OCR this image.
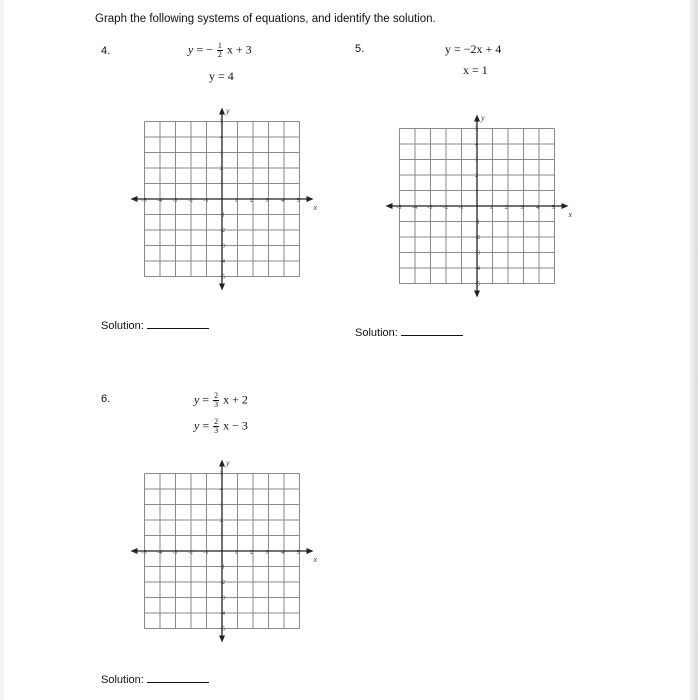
Graph the following systems of equations, and identify the solution.
4.	y = − $\frac{1}{2}$ x + 3
y = 4
5.	y = −2x + 4
x = 1
6.	$y = \frac{2}{3}$ x + 2
$y = \frac{2}{3}$ x − 3
x
y
-5 -4 -3 -2 -1	1 2 3 4 5
5
4
3
2
1
-1
-2
-3
-4
-5
x
y
-5 -4 -3 -2 -1	1 2 3 4 5
5
4
3
2
1
-1
-2
-3
-4
-5
x
y
-5 -4 -3 -2 -1	1 2 3 4 5
5
4
3
2
1
-1
-2
-3
-4
-5
Solution:
Solution:
Solution:
